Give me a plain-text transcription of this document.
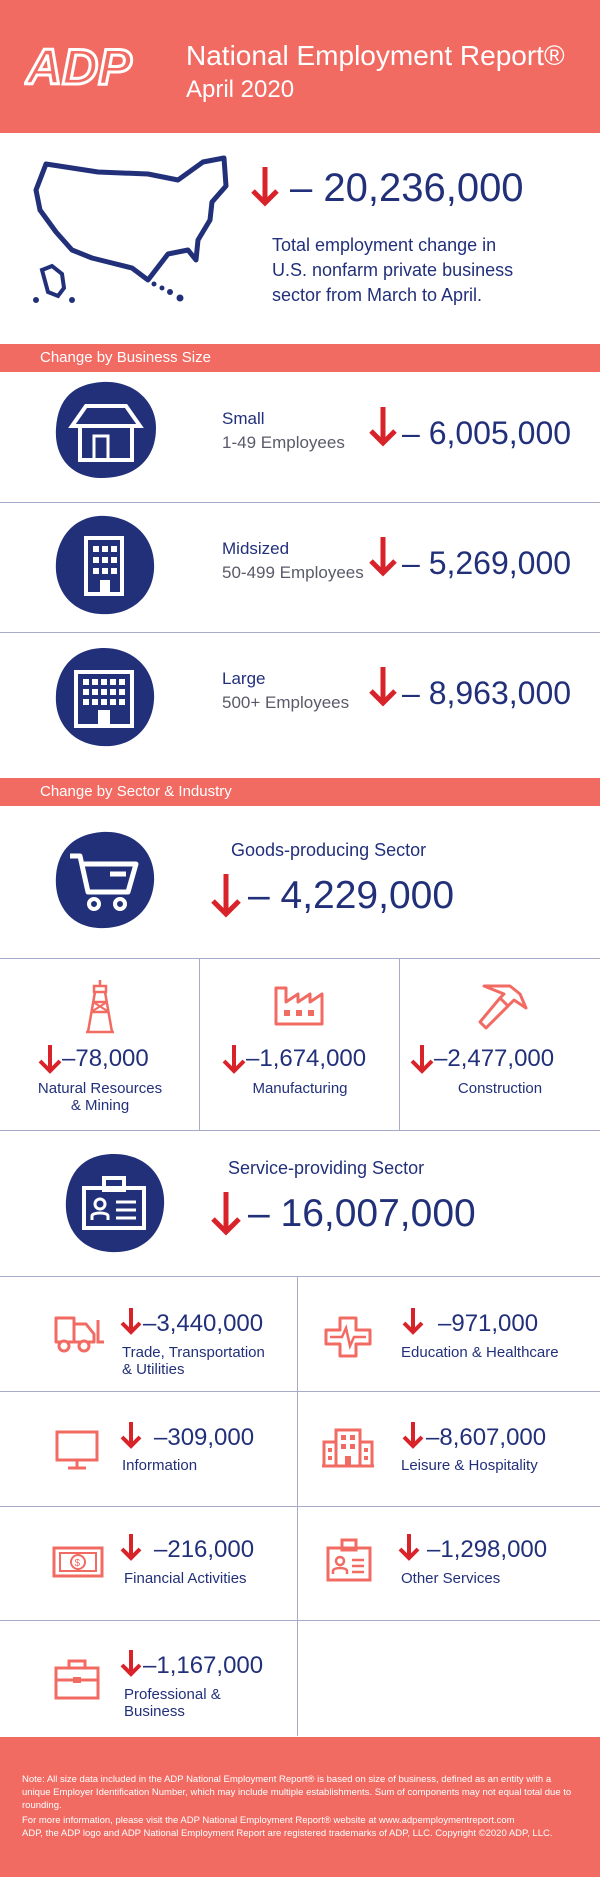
ADP National Employment Report®
April 2020
– 20,236,000
Total employment change in
U.S. nonfarm private business
sector from March to April.
Change by Business Size
Small
1-49 Employees – 6,005,000
Midsized
50-499 Employees – 5,269,000
Large
500+ Employees – 8,963,000
Change by Sector & Industry
Goods-producing Sector
– 4,229,000
–78,000
Natural Resources
& Mining
–1,674,000
Manufacturing
–2,477,000
Construction
Service-providing Sector
– 16,007,000
–3,440,000
Trade, Transportation
& Utilities
–971,000
Education & Healthcare
–309,000
Information
–8,607,000
Leisure & Hospitality
$
–216,000
Financial Activities
–1,298,000
Other Services
–1,167,000
Professional &
Business
Note: All size data included in the ADP National Employment Report® is based on size of business, defined as an entity with a unique Employer Identification Number, which may include multiple establishments. Sum of components may not equal total due to rounding.
For more information, please visit the ADP National Employment Report® website at www.adpemploymentreport.com
ADP, the ADP logo and ADP National Employment Report are registered trademarks of ADP, LLC. Copyright ©2020 ADP, LLC.
